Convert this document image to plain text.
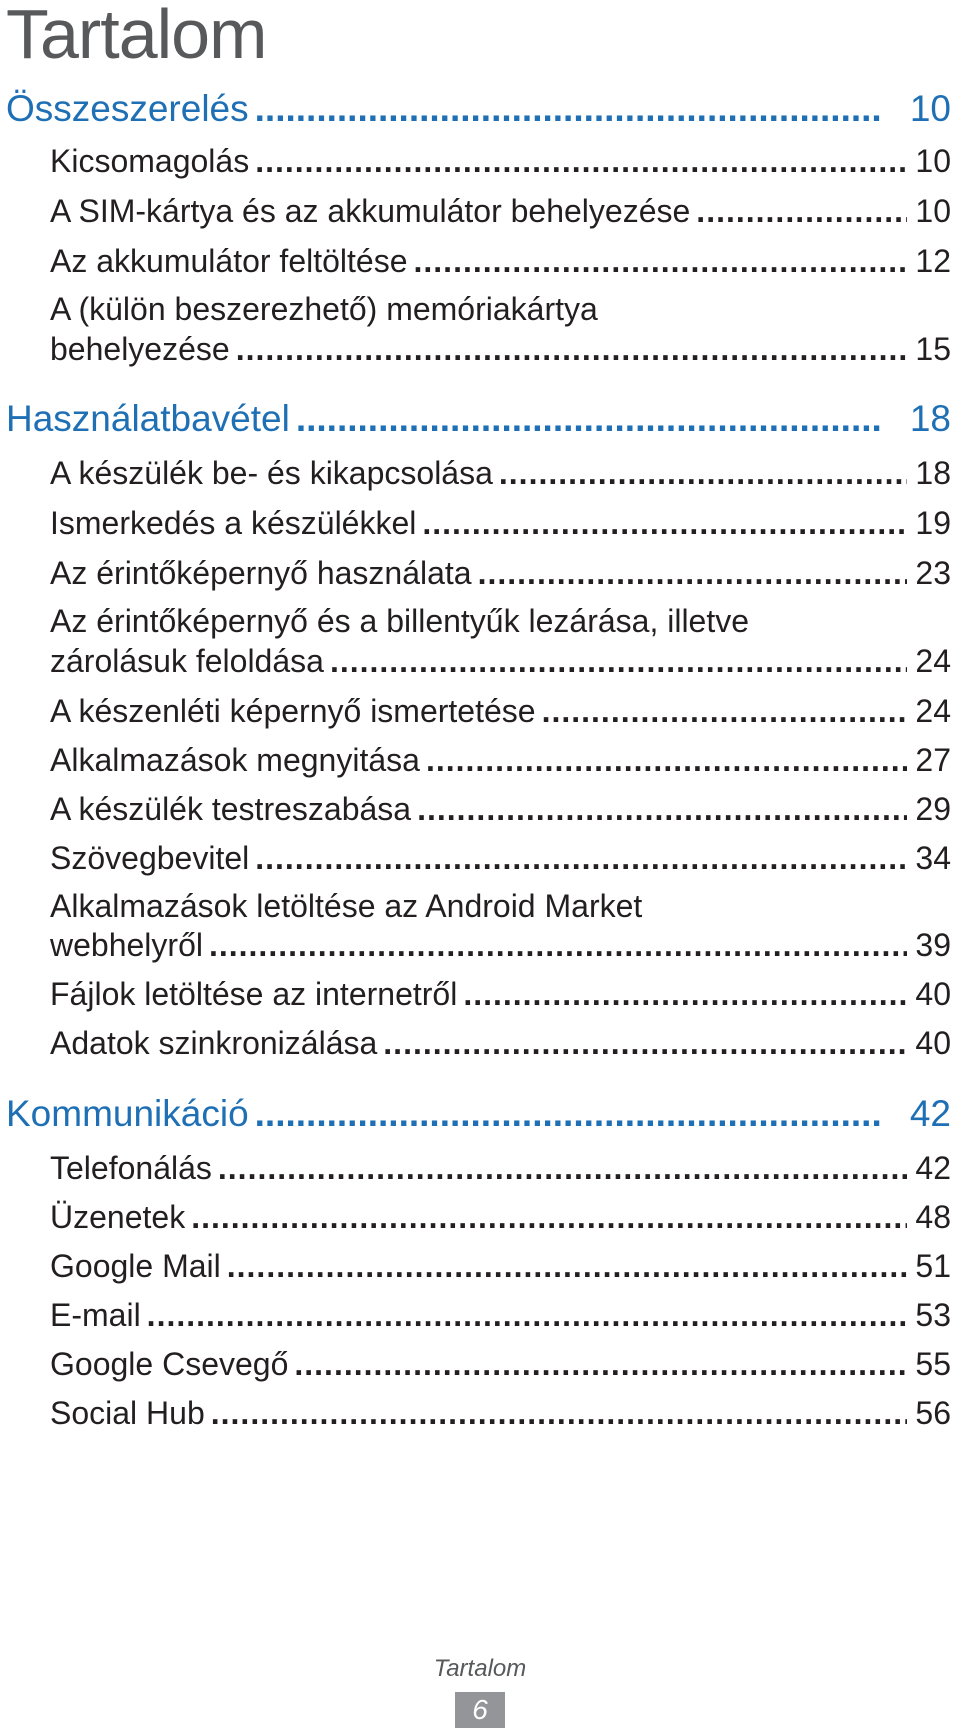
Tartalom
Összeszerelés .....	10
Kicsomagolás .....	10
A SIM-kártya és az akkumulátor behelyezése .....	10
Az akkumulátor feltöltése .....	12
A (külön beszerezhető) memóriakártya
behelyezése .....	15
Használatbavétel .....	18
A készülék be- és kikapcsolása .....	18
Ismerkedés a készülékkel .....	19
Az érintőképernyő használata .....	23
Az érintőképernyő és a billentyűk lezárása, illetve
zárolásuk feloldása .....	24
A készenléti képernyő ismertetése .....	24
Alkalmazások megnyitása .....	27
A készülék testreszabása .....	29
Szövegbevitel .....	34
Alkalmazások letöltése az Android Market
webhelyről .....	39
Fájlok letöltése az internetről .....	40
Adatok szinkronizálása .....	40
Kommunikáció .....	42
Telefonálás .....	42
Üzenetek .....	48
Google Mail .....	51
E-mail .....	53
Google Csevegő .....	55
Social Hub .....	56
Tartalom
6
